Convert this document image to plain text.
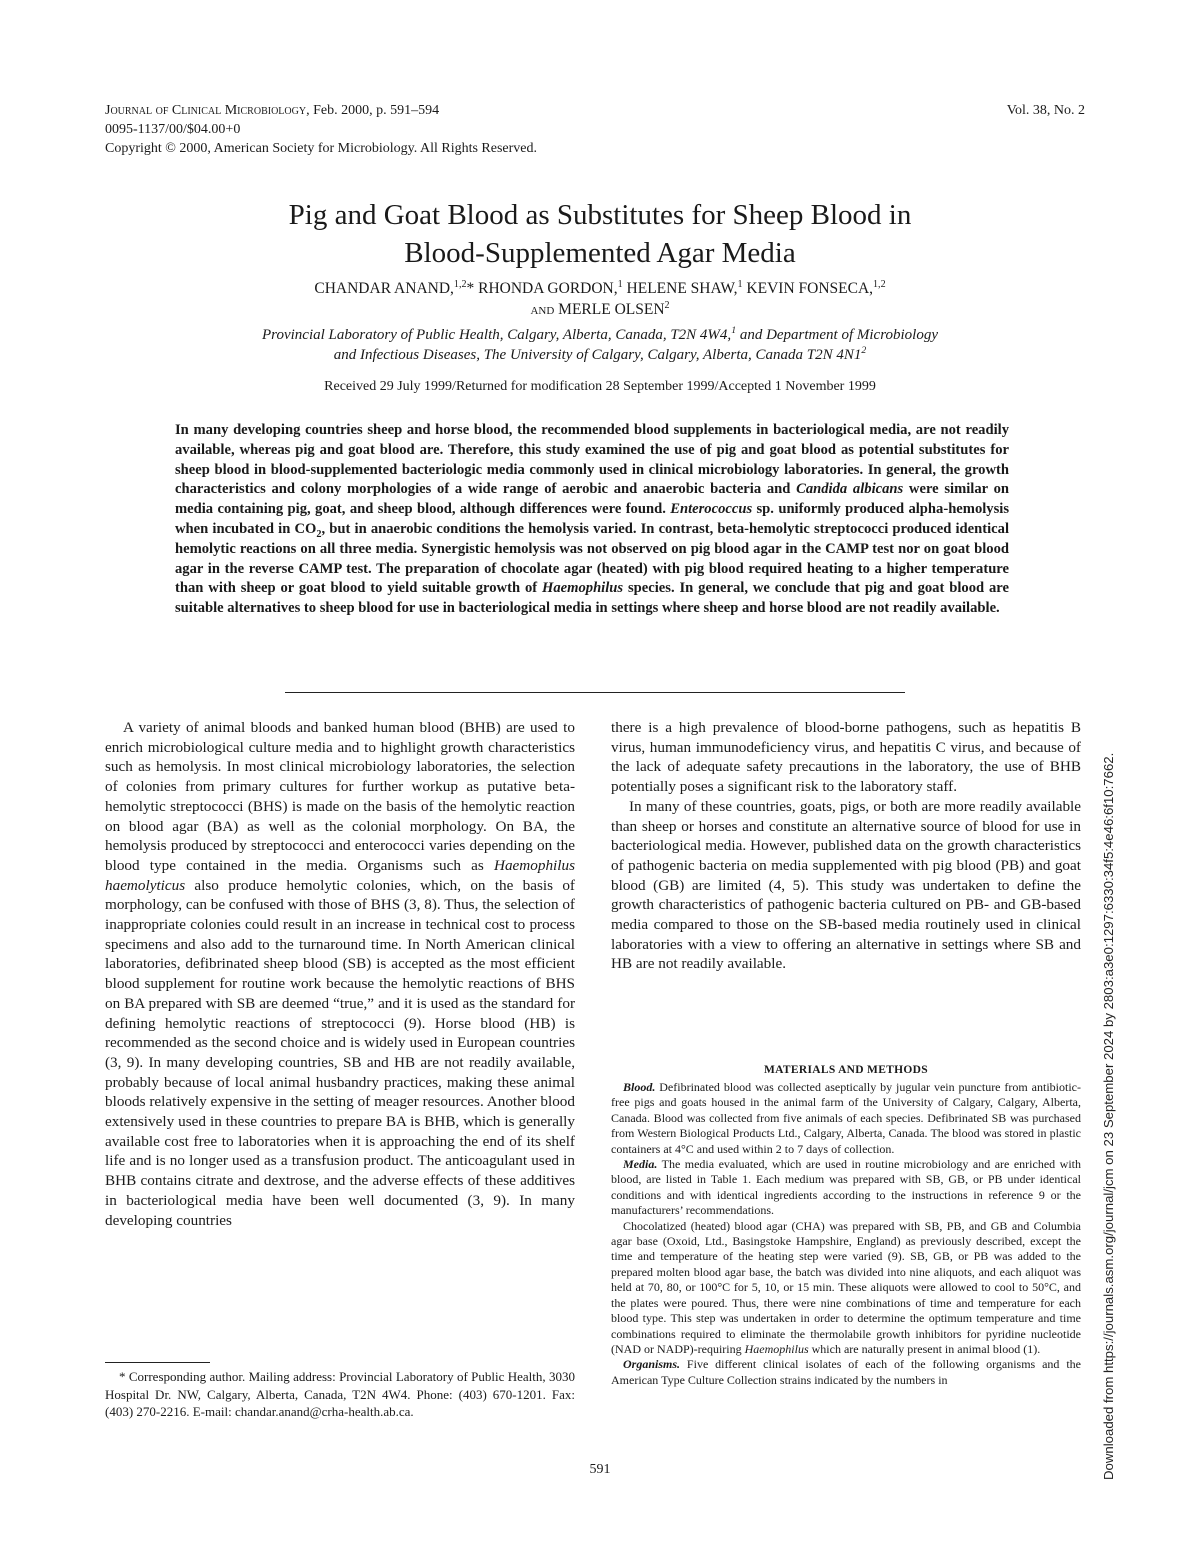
Journal of Clinical Microbiology, Feb. 2000, p. 591–594
0095-1137/00/$04.00+0
Copyright © 2000, American Society for Microbiology. All Rights Reserved.
Vol. 38, No. 2
Pig and Goat Blood as Substitutes for Sheep Blood in
Blood-Supplemented Agar Media
CHANDAR ANAND,$^{1,2}$* RHONDA GORDON,$^1$ HELENE SHAW,$^1$ KEVIN FONSECA,$^{1,2}$
and MERLE OLSEN$^2$
Provincial Laboratory of Public Health, Calgary, Alberta, Canada, T2N 4W4,$^1$ and Department of Microbiology
and Infectious Diseases, The University of Calgary, Calgary, Alberta, Canada T2N $4N1^2$
Received 29 July 1999/Returned for modification 28 September 1999/Accepted 1 November 1999
In many developing countries sheep and horse blood, the recommended blood supplements in bacteriological media, are not readily available, whereas pig and goat blood are. Therefore, this study examined the use of pig and goat blood as potential substitutes for sheep blood in blood-supplemented bacteriologic media commonly used in clinical microbiology laboratories. In general, the growth characteristics and colony morphologies of a wide range of aerobic and anaerobic bacteria and Candida albicans were similar on media containing pig, goat, and sheep blood, although differences were found. Enterococcus sp. uniformly produced alpha-hemolysis when incubated in $CO_2$, but in anaerobic conditions the hemolysis varied. In contrast, beta-hemolytic streptococci produced identical hemolytic reactions on all three media. Synergistic hemolysis was not observed on pig blood agar in the CAMP test nor on goat blood agar in the reverse CAMP test. The preparation of chocolate agar (heated) with pig blood required heating to a higher temperature than with sheep or goat blood to yield suitable growth of Haemophilus species. In general, we conclude that pig and goat blood are suitable alternatives to sheep blood for use in bacteriological media in settings where sheep and horse blood are not readily available.

A variety of animal bloods and banked human blood (BHB) are used to enrich microbiological culture media and to highlight growth characteristics such as hemolysis. In most clinical microbiology laboratories, the selection of colonies from primary cultures for further workup as putative beta-hemolytic streptococci (BHS) is made on the basis of the hemolytic reaction on blood agar (BA) as well as the colonial morphology. On BA, the hemolysis produced by streptococci and enterococci varies depending on the blood type contained in the media. Organisms such as Haemophilus haemolyticus also produce hemolytic colonies, which, on the basis of morphology, can be confused with those of BHS (3, 8). Thus, the selection of inappropriate colonies could result in an increase in technical cost to process specimens and also add to the turnaround time. In North American clinical laboratories, defibrinated sheep blood (SB) is accepted as the most efficient blood supplement for routine work because the hemolytic reactions of BHS on BA prepared with SB are deemed “true,” and it is used as the standard for defining hemolytic reactions of streptococci (9). Horse blood (HB) is recommended as the second choice and is widely used in European countries (3, 9). In many developing countries, SB and HB are not readily available, probably because of local animal husbandry practices, making these animal bloods relatively expensive in the setting of meager resources. Another blood extensively used in these countries to prepare BA is BHB, which is generally available cost free to laboratories when it is approaching the end of its shelf life and is no longer used as a transfusion product. The anticoagulant used in BHB contains citrate and dextrose, and the adverse effects of these additives in bacteriological media have been well documented (3, 9). In many developing countries

there is a high prevalence of blood-borne pathogens, such as hepatitis B virus, human immunodeficiency virus, and hepatitis C virus, and because of the lack of adequate safety precautions in the laboratory, the use of BHB potentially poses a significant risk to the laboratory staff.

In many of these countries, goats, pigs, or both are more readily available than sheep or horses and constitute an alternative source of blood for use in bacteriological media. However, published data on the growth characteristics of pathogenic bacteria on media supplemented with pig blood (PB) and goat blood (GB) are limited (4, 5). This study was undertaken to define the growth characteristics of pathogenic bacteria cultured on PB- and GB-based media compared to those on the SB-based media routinely used in clinical laboratories with a view to offering an alternative in settings where SB and HB are not readily available.

MATERIALS AND METHODS

Blood. Defibrinated blood was collected aseptically by jugular vein puncture from antibiotic-free pigs and goats housed in the animal farm of the University of Calgary, Calgary, Alberta, Canada. Blood was collected from five animals of each species. Defibrinated SB was purchased from Western Biological Products Ltd., Calgary, Alberta, Canada. The blood was stored in plastic containers at 4°C and used within 2 to 7 days of collection.

Media. The media evaluated, which are used in routine microbiology and are enriched with blood, are listed in Table 1. Each medium was prepared with SB, GB, or PB under identical conditions and with identical ingredients according to the instructions in reference 9 or the manufacturers’ recommendations.

Chocolatized (heated) blood agar (CHA) was prepared with SB, PB, and GB and Columbia agar base (Oxoid, Ltd., Basingstoke Hampshire, England) as previously described, except the time and temperature of the heating step were varied (9). SB, GB, or PB was added to the prepared molten blood agar base, the batch was divided into nine aliquots, and each aliquot was held at 70, 80, or 100°C for 5, 10, or 15 min. These aliquots were allowed to cool to 50°C, and the plates were poured. Thus, there were nine combinations of time and temperature for each blood type. This step was undertaken in order to determine the optimum temperature and time combinations required to eliminate the thermolabile growth inhibitors for pyridine nucleotide (NAD or NADP)-requiring Haemophilus which are naturally present in animal blood (1).

Organisms. Five different clinical isolates of each of the following organisms and the American Type Culture Collection strains indicated by the numbers in

* Corresponding author. Mailing address: Provincial Laboratory of Public Health, 3030 Hospital Dr. NW, Calgary, Alberta, Canada, T2N 4W4. Phone: (403) 670-1201. Fax: (403) 270-2216. E-mail: chandar.anand@crha-health.ab.ca.
591	Downloaded from https://journals.asm.org/journal/jcm on 23 September 2024 by 2803:a3e0:1297:6330:34f5:4e46:6f10:7662.
